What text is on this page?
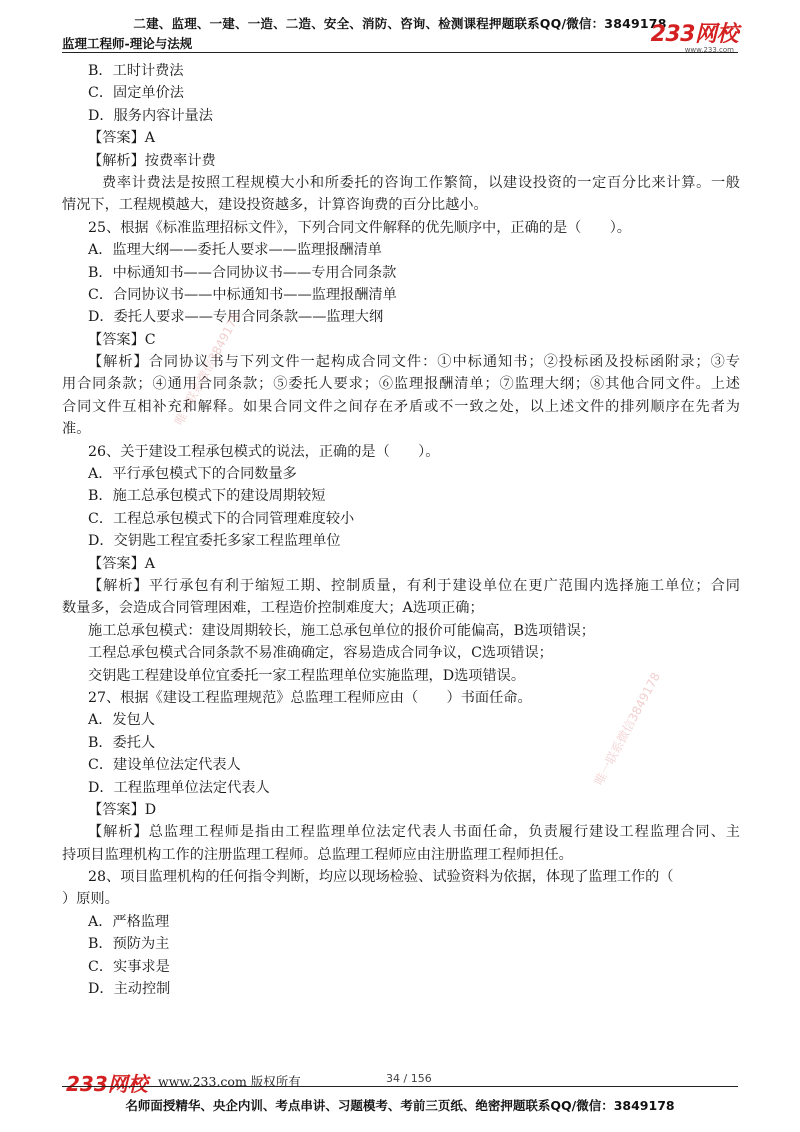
二建、监理、一建、一造、二造、安全、消防、咨询、检测课程押题联系QQ/微信：3849178
监理工程师-理论与法规	233网校
www.233.com
B．工时计费法
C．固定单价法
D．服务内容计量法
【答案】A
【解析】按费率计费
费率计费法是按照工程规模大小和所委托的咨询工作繁简，以建设投资的一定百分比来计算。一般
情况下，工程规模越大，建设投资越多，计算咨询费的百分比越小。
25、根据《标准监理招标文件》，下列合同文件解释的优先顺序中，正确的是（　　）。
A．监理大纲——委托人要求——监理报酬清单
B．中标通知书——合同协议书——专用合同条款
C．合同协议书——中标通知书——监理报酬清单
D．委托人要求——专用合同条款——监理大纲
【答案】C
【解析】合同协议书与下列文件一起构成合同文件：①中标通知书；②投标函及投标函附录；③专
用合同条款；④通用合同条款；⑤委托人要求；⑥监理报酬清单；⑦监理大纲；⑧其他合同文件。上述
合同文件互相补充和解释。如果合同文件之间存在矛盾或不一致之处，以上述文件的排列顺序在先者为
准。
26、关于建设工程承包模式的说法，正确的是（　　）。
A．平行承包模式下的合同数量多
B．施工总承包模式下的建设周期较短
C．工程总承包模式下的合同管理难度较小
D．交钥匙工程宜委托多家工程监理单位
【答案】A
【解析】平行承包有利于缩短工期、控制质量，有利于建设单位在更广范围内选择施工单位；合同
数量多，会造成合同管理困难，工程造价控制难度大；A选项正确；
施工总承包模式：建设周期较长，施工总承包单位的报价可能偏高，B选项错误；
工程总承包模式合同条款不易准确确定，容易造成合同争议，C选项错误；
交钥匙工程建设单位宜委托一家工程监理单位实施监理，D选项错误。
27、根据《建设工程监理规范》总监理工程师应由（　　）书面任命。
A．发包人
B．委托人
C．建设单位法定代表人
D．工程监理单位法定代表人
【答案】D
【解析】总监理工程师是指由工程监理单位法定代表人书面任命，负责履行建设工程监理合同、主
持项目监理机构工作的注册监理工程师。总监理工程师应由注册监理工程师担任。
28、项目监理机构的任何指令判断，均应以现场检验、试验资料为依据，体现了监理工作的（
）原则。
A．严格监理
B．预防为主
C．实事求是
D．主动控制
唯一联系微信3849178
唯一联系微信3849178
233网校 www.233.com 版权所有	34 / 156
名师面授精华、央企内训、考点串讲、习题模考、考前三页纸、绝密押题联系QQ/微信：3849178
